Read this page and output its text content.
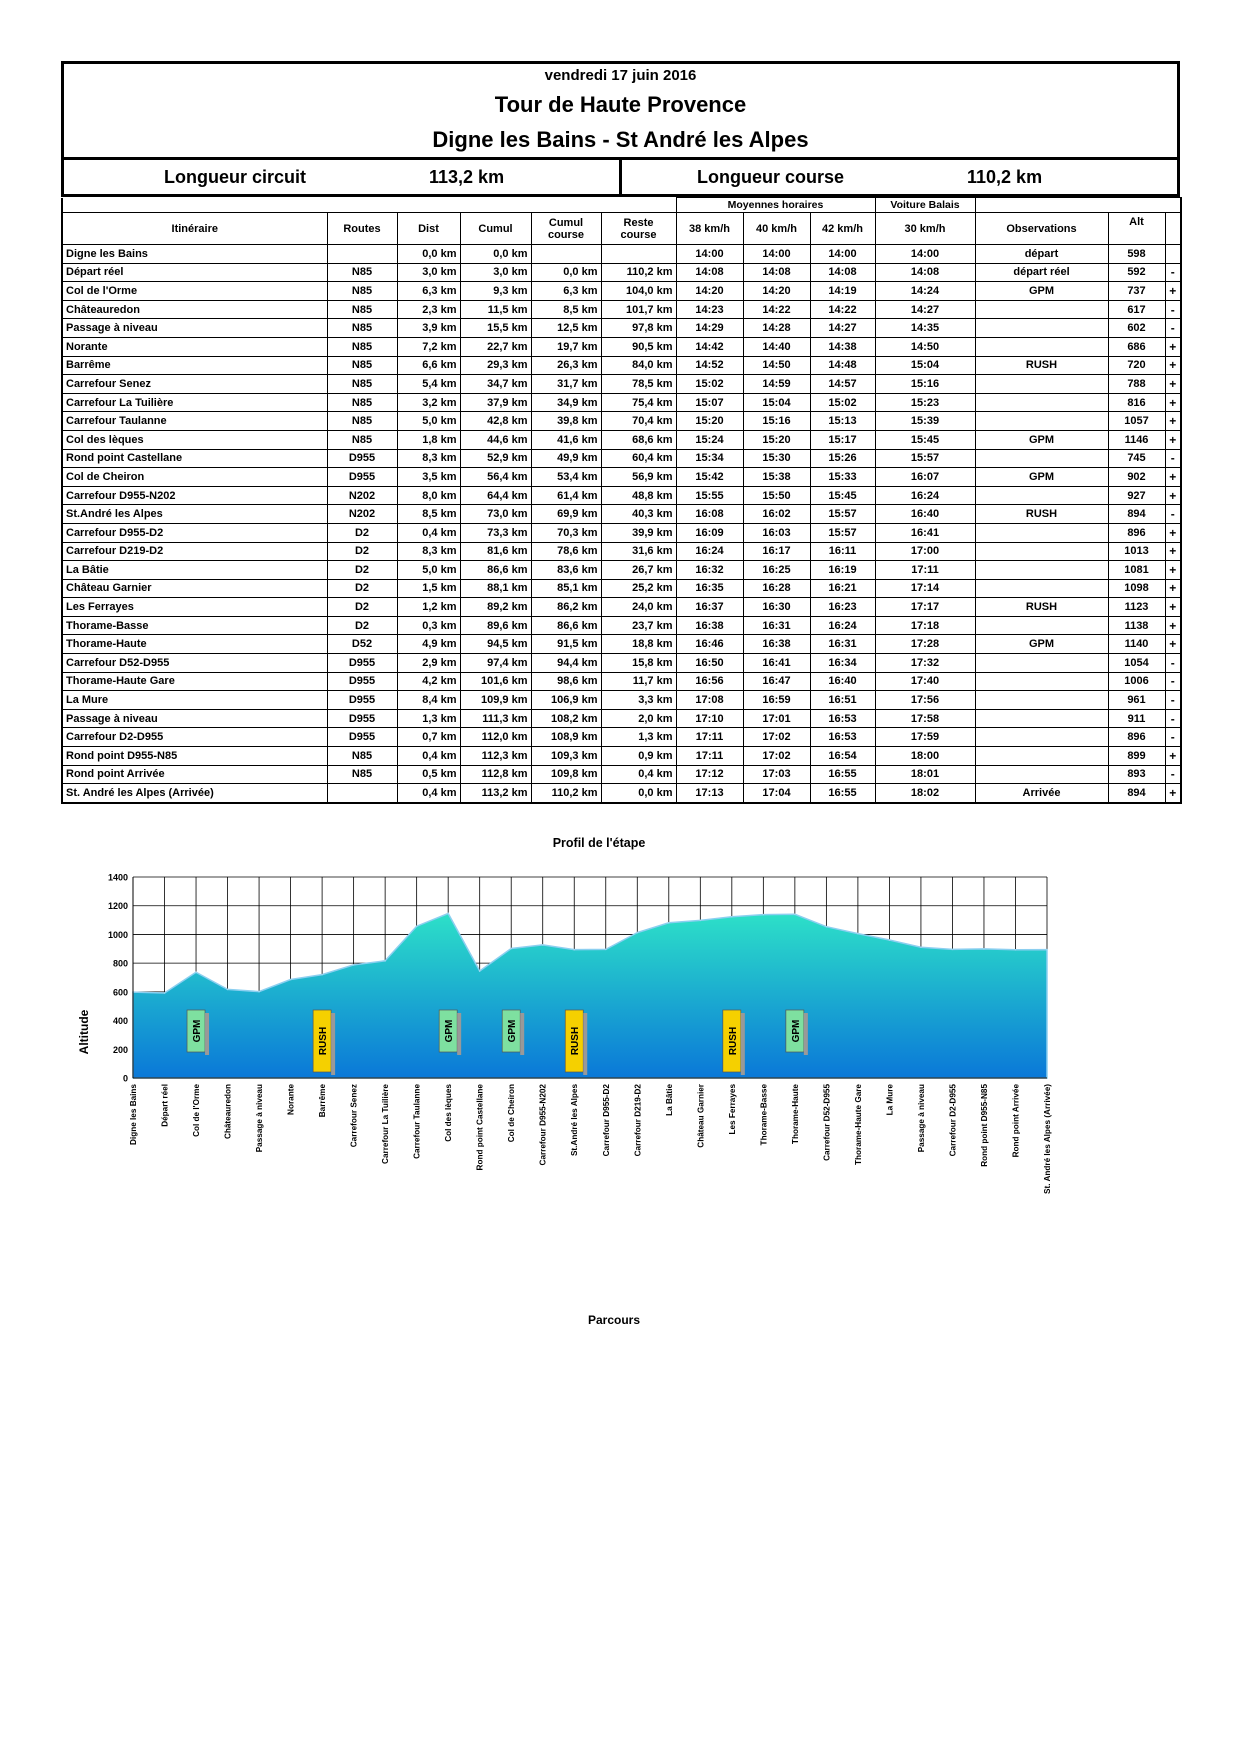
vendredi 17 juin 2016
Tour de Haute Provence
Digne les Bains - St André les Alpes
Longueur circuit	113,2 km	Longueur course	110,2 km
						Moyennes horaires			Voiture Balais			
Itinéraire	Routes	Dist	Cumul	Cumul course	Reste course	38 km/h	40 km/h	42 km/h	30 km/h	Observations	Alt	
Digne les Bains		0,0 km	0,0 km			14:00	14:00	14:00	14:00	départ	598	
Départ réel	N85	3,0 km	3,0 km	0,0 km	110,2 km	14:08	14:08	14:08	14:08	départ réel	592	-
Col de l'Orme	N85	6,3 km	9,3 km	6,3 km	104,0 km	14:20	14:20	14:19	14:24	GPM	737	+
Châteauredon	N85	2,3 km	11,5 km	8,5 km	101,7 km	14:23	14:22	14:22	14:27		617	-
Passage à niveau	N85	3,9 km	15,5 km	12,5 km	97,8 km	14:29	14:28	14:27	14:35		602	-
Norante	N85	7,2 km	22,7 km	19,7 km	90,5 km	14:42	14:40	14:38	14:50		686	+
Barrême	N85	6,6 km	29,3 km	26,3 km	84,0 km	14:52	14:50	14:48	15:04	RUSH	720	+
Carrefour Senez	N85	5,4 km	34,7 km	31,7 km	78,5 km	15:02	14:59	14:57	15:16		788	+
Carrefour La Tuilière	N85	3,2 km	37,9 km	34,9 km	75,4 km	15:07	15:04	15:02	15:23		816	+
Carrefour Taulanne	N85	5,0 km	42,8 km	39,8 km	70,4 km	15:20	15:16	15:13	15:39		1057	+
Col des lèques	N85	1,8 km	44,6 km	41,6 km	68,6 km	15:24	15:20	15:17	15:45	GPM	1146	+
Rond point Castellane	D955	8,3 km	52,9 km	49,9 km	60,4 km	15:34	15:30	15:26	15:57		745	-
Col de Cheiron	D955	3,5 km	56,4 km	53,4 km	56,9 km	15:42	15:38	15:33	16:07	GPM	902	+
Carrefour D955-N202	N202	8,0 km	64,4 km	61,4 km	48,8 km	15:55	15:50	15:45	16:24		927	+
St.André les Alpes	N202	8,5 km	73,0 km	69,9 km	40,3 km	16:08	16:02	15:57	16:40	RUSH	894	-
Carrefour D955-D2	D2	0,4 km	73,3 km	70,3 km	39,9 km	16:09	16:03	15:57	16:41		896	+
Carrefour D219-D2	D2	8,3 km	81,6 km	78,6 km	31,6 km	16:24	16:17	16:11	17:00		1013	+
La Bâtie	D2	5,0 km	86,6 km	83,6 km	26,7 km	16:32	16:25	16:19	17:11		1081	+
Château Garnier	D2	1,5 km	88,1 km	85,1 km	25,2 km	16:35	16:28	16:21	17:14		1098	+
Les Ferrayes	D2	1,2 km	89,2 km	86,2 km	24,0 km	16:37	16:30	16:23	17:17	RUSH	1123	+
Thorame-Basse	D2	0,3 km	89,6 km	86,6 km	23,7 km	16:38	16:31	16:24	17:18		1138	+
Thorame-Haute	D52	4,9 km	94,5 km	91,5 km	18,8 km	16:46	16:38	16:31	17:28	GPM	1140	+
Carrefour D52-D955	D955	2,9 km	97,4 km	94,4 km	15,8 km	16:50	16:41	16:34	17:32		1054	-
Thorame-Haute Gare	D955	4,2 km	101,6 km	98,6 km	11,7 km	16:56	16:47	16:40	17:40		1006	-
La Mure	D955	8,4 km	109,9 km	106,9 km	3,3 km	17:08	16:59	16:51	17:56		961	-
Passage à niveau	D955	1,3 km	111,3 km	108,2 km	2,0 km	17:10	17:01	16:53	17:58		911	-
Carrefour D2-D955	D955	0,7 km	112,0 km	108,9 km	1,3 km	17:11	17:02	16:53	17:59		896	-
Rond point D955-N85	N85	0,4 km	112,3 km	109,3 km	0,9 km	17:11	17:02	16:54	18:00		899	+
Rond point Arrivée	N85	0,5 km	112,8 km	109,8 km	0,4 km	17:12	17:03	16:55	18:01		893	-
St. André les Alpes (Arrivée)		0,4 km	113,2 km	110,2 km	0,0 km	17:13	17:04	16:55	18:02	Arrivée	894	+
Profil de l'étape
Altitude
Parcours
0
200
400
600
800
1000
1200
1400
Digne les Bains	Départ réel	Col de l'Orme	Châteauredon	Passage à niveau	Norante	Barrême	Carrefour Senez	Carrefour La Tuilière	Carrefour Taulanne	Col des lèques	Rond point Castellane	Col de Cheiron	Carrefour D955-N202	St.André les Alpes	Carrefour D955-D2	Carrefour D219-D2	La Bâtie	Château Garnier	Les Ferrayes	Thorame-Basse	Thorame-Haute	Carrefour D52-D955	Thorame-Haute Gare	La Mure	Passage à niveau	Carrefour D2-D955	Rond point D955-N85	Rond point Arrivée	St. André les Alpes (Arrivée)
GPM	RUSH	GPM	GPM	RUSH	RUSH	GPM
